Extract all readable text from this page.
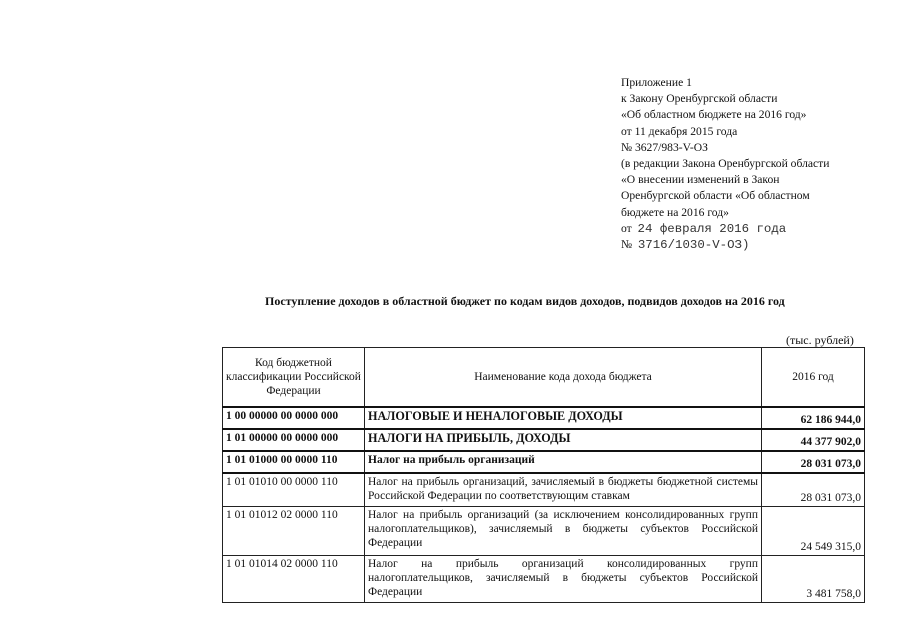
Приложение 1
к Закону Оренбургской области
«Об областном бюджете на 2016 год»
от 11 декабря 2015 года
№ 3627/983-V-ОЗ
(в редакции Закона Оренбургской области
«О внесении изменений в Закон
Оренбургской области «Об областном
бюджете на 2016 год»
от 24 февраля 2016 года
№ 3716/1030-V-ОЗ)
Поступление доходов в областной бюджет по кодам видов доходов, подвидов доходов на 2016 год
(тыс. рублей)
Код бюджетной классификации Российской Федерации	Наименование кода дохода бюджета	2016 год
1 00 00000 00 0000 000	НАЛОГОВЫЕ И НЕНАЛОГОВЫЕ ДОХОДЫ	62 186 944,0
1 01 00000 00 0000 000	НАЛОГИ НА ПРИБЫЛЬ, ДОХОДЫ	44 377 902,0
1 01 01000 00 0000 110	Налог на прибыль организаций	28 031 073,0
1 01 01010 00 0000 110	Налог на прибыль организаций, зачисляемый в бюджеты бюджетной системы Российской Федерации по соответствующим ставкам	28 031 073,0
1 01 01012 02 0000 110	Налог на прибыль организаций (за исключением консолидированных групп налогоплательщиков), зачисляемый в бюджеты субъектов Российской Федерации	24 549 315,0
1 01 01014 02 0000 110	Налог на прибыль организаций консолидированных групп налогоплательщиков, зачисляемый в бюджеты субъектов Российской Федерации	3 481 758,0
